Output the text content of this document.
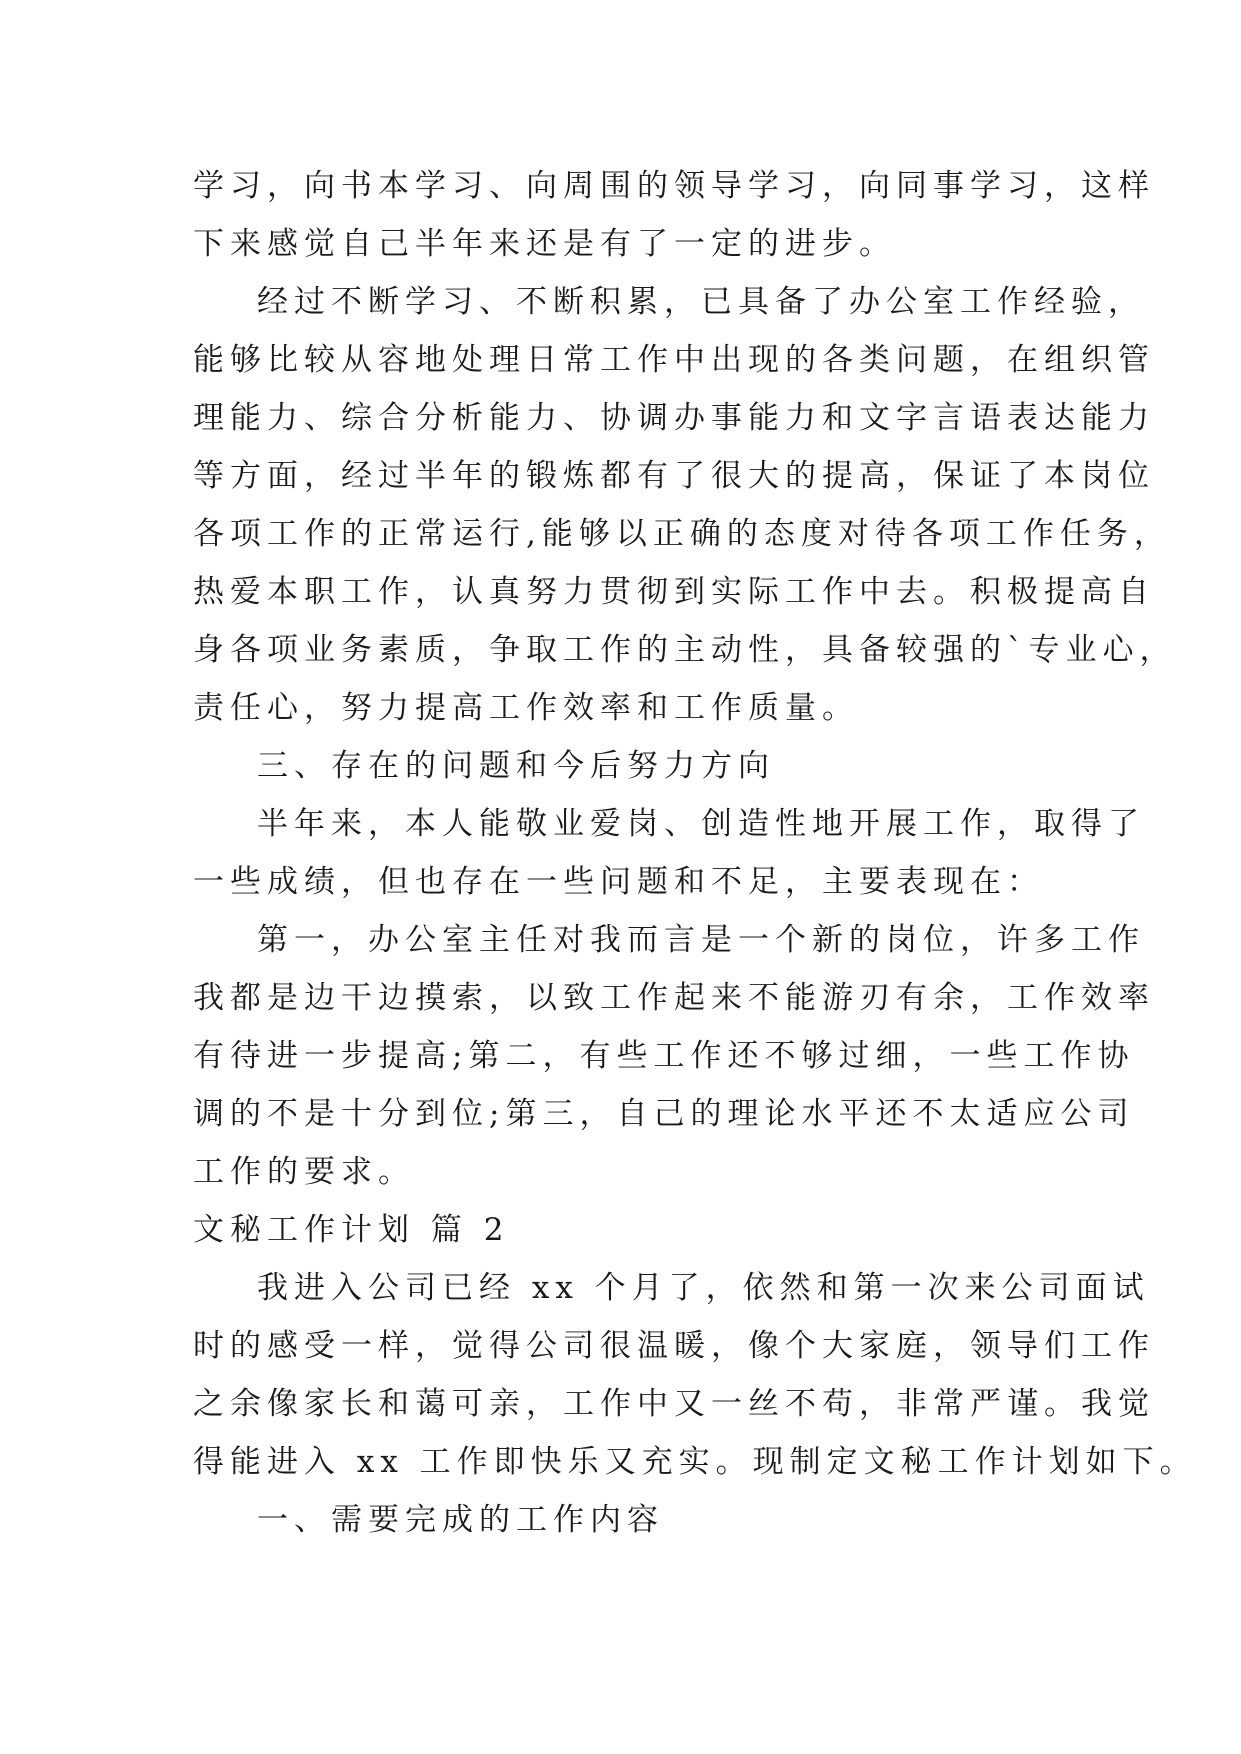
学习，向书本学习、向周围的领导学习，向同事学习，这样

下来感觉自己半年来还是有了一定的进步。

经过不断学习、不断积累，已具备了办公室工作经验，

能够比较从容地处理日常工作中出现的各类问题，在组织管

理能力、综合分析能力、协调办事能力和文字言语表达能力

等方面，经过半年的锻炼都有了很大的提高，保证了本岗位

各项工作的正常运行,能够以正确的态度对待各项工作任务，

热爱本职工作，认真努力贯彻到实际工作中去。积极提高自

身各项业务素质，争取工作的主动性，具备较强的`专业心，

责任心，努力提高工作效率和工作质量。

三、存在的问题和今后努力方向

半年来，本人能敬业爱岗、创造性地开展工作，取得了

一些成绩，但也存在一些问题和不足，主要表现在：

第一，办公室主任对我而言是一个新的岗位，许多工作

我都是边干边摸索，以致工作起来不能游刃有余，工作效率

有待进一步提高;第二，有些工作还不够过细，一些工作协

调的不是十分到位;第三，自己的理论水平还不太适应公司

工作的要求。

文秘工作计划 篇 2

我进入公司已经 xx 个月了，依然和第一次来公司面试

时的感受一样，觉得公司很温暖，像个大家庭，领导们工作

之余像家长和蔼可亲，工作中又一丝不苟，非常严谨。我觉

得能进入 xx 工作即快乐又充实。现制定文秘工作计划如下。

一、需要完成的工作内容
